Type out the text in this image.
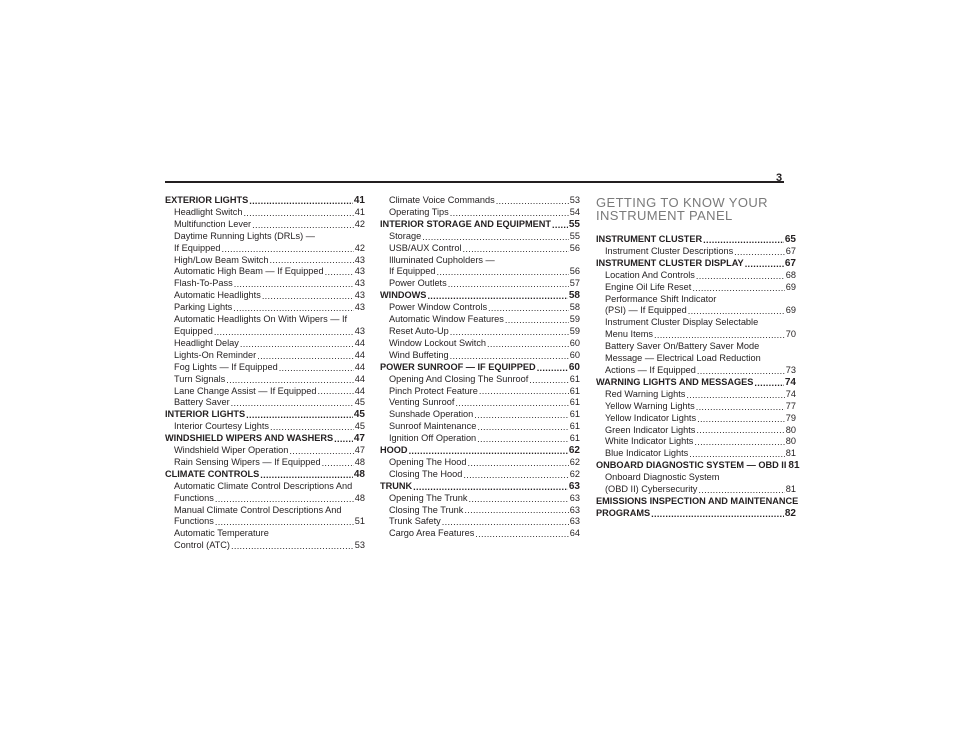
3
EXTERIOR LIGHTS .....	41
Headlight Switch .....	41
Multifunction Lever .....	42
Daytime Running Lights (DRLs) —
If Equipped .....	42
High/Low Beam Switch .....	43
Automatic High Beam — If Equipped .....	43
Flash-To-Pass .....	43
Automatic Headlights .....	43
Parking Lights .....	43
Automatic Headlights On With Wipers — If
Equipped .....	43
Headlight Delay .....	44
Lights-On Reminder .....	44
Fog Lights — If Equipped .....	44
Turn Signals .....	44
Lane Change Assist — If Equipped .....	44
Battery Saver .....	45
INTERIOR LIGHTS .....	45
Interior Courtesy Lights .....	45
WINDSHIELD WIPERS AND WASHERS ..... 47
Windshield Wiper Operation .....	47
Rain Sensing Wipers — If Equipped .....	48
CLIMATE CONTROLS .....	48
Automatic Climate Control Descriptions And
Functions .....	48
Manual Climate Control Descriptions And
Functions .....	51
Automatic Temperature
Control (ATC) .....	53
Climate Voice Commands .....	53
Operating Tips .....	54
INTERIOR STORAGE AND EQUIPMENT ..... 55
Storage .....	55
USB/AUX Control .....	56
Illuminated Cupholders —
If Equipped .....	56
Power Outlets .....	57
WINDOWS .....	58
Power Window Controls .....	58
Automatic Window Features .....	59
Reset Auto-Up .....	59
Window Lockout Switch .....	60
Wind Buffeting .....	60
POWER SUNROOF — IF EQUIPPED .....	60
Opening And Closing The Sunroof .....	61
Pinch Protect Feature .....	61
Venting Sunroof .....	61
Sunshade Operation .....	61
Sunroof Maintenance .....	61
Ignition Off Operation .....	61
HOOD .....	62
Opening The Hood .....	62
Closing The Hood .....	62
TRUNK .....	63
Opening The Trunk .....	63
Closing The Trunk .....	63
Trunk Safety .....	63
Cargo Area Features .....	64
GETTING TO KNOW YOUR INSTRUMENT PANEL
INSTRUMENT CLUSTER .....	65
Instrument Cluster Descriptions .....	67
INSTRUMENT CLUSTER DISPLAY .....	67
Location And Controls .....	68
Engine Oil Life Reset .....	69
Performance Shift Indicator
(PSI) — If Equipped .....	69
Instrument Cluster Display Selectable
Menu Items .....	70
Battery Saver On/Battery Saver Mode
Message — Electrical Load Reduction
Actions — If Equipped .....	73
WARNING LIGHTS AND MESSAGES .....	74
Red Warning Lights .....	74
Yellow Warning Lights .....	77
Yellow Indicator Lights .....	79
Green Indicator Lights .....	80
White Indicator Lights .....	80
Blue Indicator Lights .....	81
ONBOARD DIAGNOSTIC SYSTEM — OBD II 81
Onboard Diagnostic System
(OBD II) Cybersecurity .....	81
EMISSIONS INSPECTION AND MAINTENANCE
PROGRAMS .....	82
